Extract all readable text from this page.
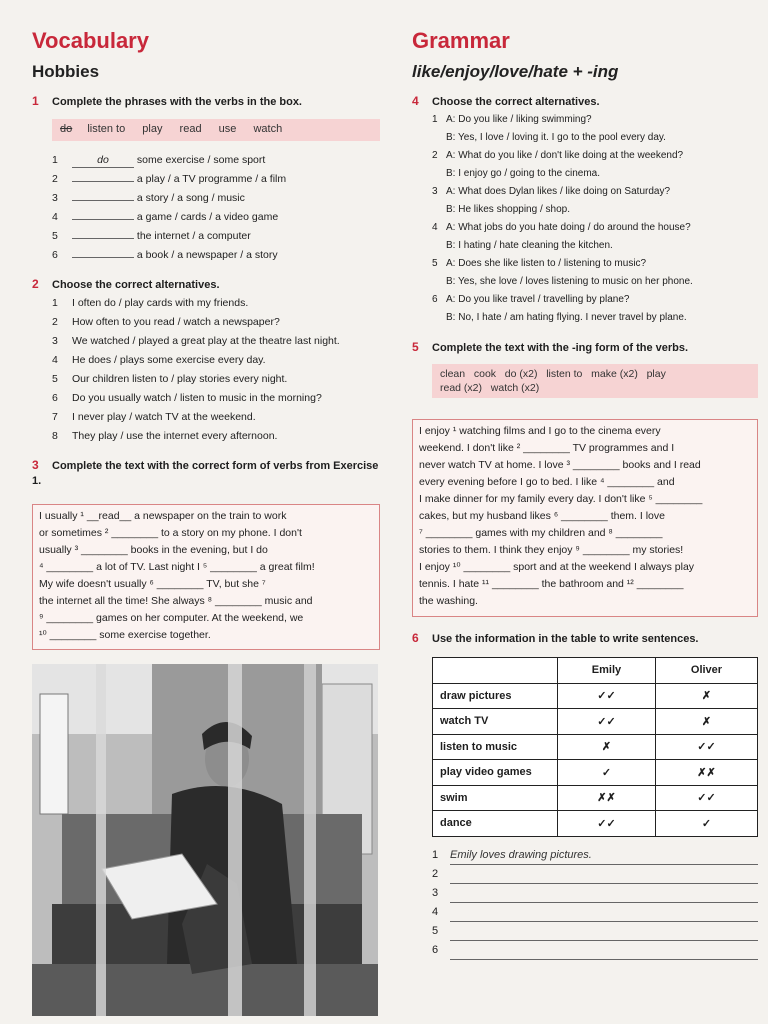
Vocabulary
Hobbies
1 Complete the phrases with the verbs in the box.
do listen to play read use watch
1	do	some exercise / some sport
2	a play / a TV programme / a film
3	a story / a song / music
4	a game / cards / a video game
5	the internet / a computer
6	a book / a newspaper / a story
2 Choose the correct alternatives.
1 I often do / play cards with my friends.
2 How often to you read / watch a newspaper?
3 We watched / played a great play at the theatre last night.
4 He does / plays some exercise every day.
5 Our children listen to / play stories every night.
6 Do you usually watch / listen to music in the morning?
7 I never play / watch TV at the weekend.
8 They play / use the internet every afternoon.
3 Complete the text with the correct form of verbs from Exercise 1.
I usually ¹ __read__ a newspaper on the train to work
or sometimes ² ________ to a story on my phone. I don't
usually ³ ________ books in the evening, but I do
⁴ ________ a lot of TV. Last night I ⁵ ________ a great film!
My wife doesn't usually ⁶ ________ TV, but she ⁷
the internet all the time! She always ⁸ ________ music and
⁹ ________ games on her computer. At the weekend, we
¹⁰ ________ some exercise together.
Grammar
like/enjoy/love/hate + -ing
4 Choose the correct alternatives.
1 A: Do you like / liking swimming?
B: Yes, I love / loving it. I go to the pool every day.
2 A: What do you like / don't like doing at the weekend?
B: I enjoy go / going to the cinema.
3 A: What does Dylan likes / like doing on Saturday?
B: He likes shopping / shop.
4 A: What jobs do you hate doing / do around the house?
B: I hating / hate cleaning the kitchen.
5 A: Does she like listen to / listening to music?
B: Yes, she love / loves listening to music on her phone.
6 A: Do you like travel / travelling by plane?
B: No, I hate / am hating flying. I never travel by plane.
5 Complete the text with the -ing form of the verbs.
clean   cook   do (x2)   listen to   make (x2)   play
read (x2)   watch (x2)
I enjoy ¹ watching films and I go to the cinema every
weekend. I don't like ² ________ TV programmes and I
never watch TV at home. I love ³ ________ books and I read
every evening before I go to bed. I like ⁴ ________ and
I make dinner for my family every day. I don't like ⁵ ________
cakes, but my husband likes ⁶ ________ them. I love
⁷ ________ games with my children and ⁸ ________
stories to them. I think they enjoy ⁹ ________ my stories!
I enjoy ¹⁰ ________ sport and at the weekend I always play
tennis. I hate ¹¹ ________ the bathroom and ¹² ________
the washing.
6 Use the information in the table to write sentences.
	Emily	Oliver
draw pictures	✓✓	✗
watch TV	✓✓	✗
listen to music	✗	✓✓
play video games	✓	✗✗
swim	✗✗	✓✓
dance	✓✓	✓
1 Emily loves drawing pictures.
2
3
4
5
6
